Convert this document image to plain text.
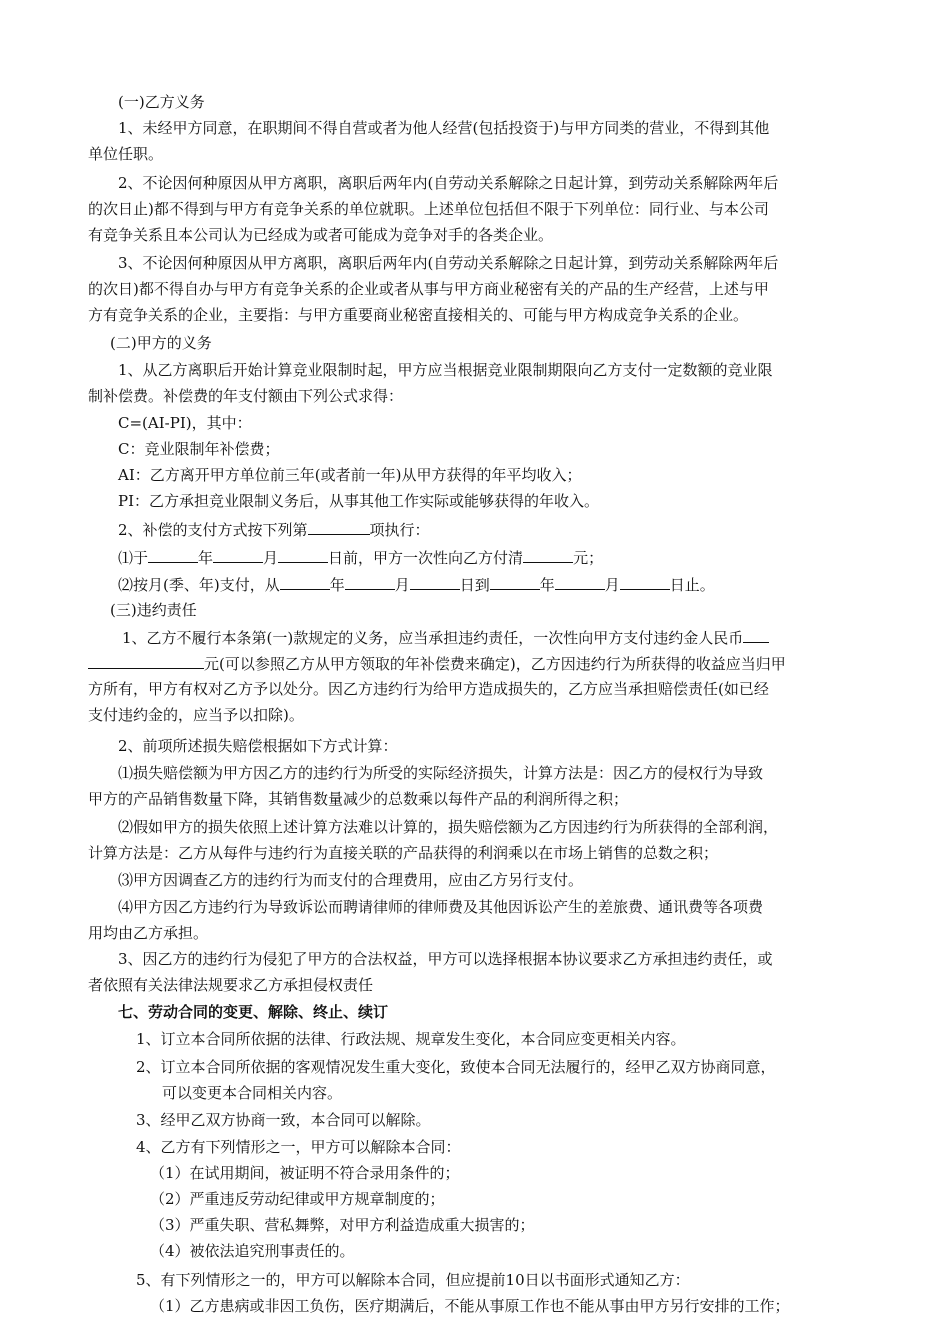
(一)乙方义务
1、未经甲方同意，在职期间不得自营或者为他人经营(包括投资于)与甲方同类的营业，不得到其他
单位任职。
2、不论因何种原因从甲方离职，离职后两年内(自劳动关系解除之日起计算，到劳动关系解除两年后
的次日止)都不得到与甲方有竞争关系的单位就职。上述单位包括但不限于下列单位：同行业、与本公司
有竞争关系且本公司认为已经成为或者可能成为竞争对手的各类企业。
3、不论因何种原因从甲方离职，离职后两年内(自劳动关系解除之日起计算，到劳动关系解除两年后
的次日)都不得自办与甲方有竞争关系的企业或者从事与甲方商业秘密有关的产品的生产经营，上述与甲
方有竞争关系的企业，主要指：与甲方重要商业秘密直接相关的、可能与甲方构成竞争关系的企业。
(二)甲方的义务
1、从乙方离职后开始计算竞业限制时起，甲方应当根据竞业限制期限向乙方支付一定数额的竞业限
制补偿费。补偿费的年支付额由下列公式求得：
C=(AI-PI)，其中：
C：竞业限制年补偿费；
AI：乙方离开甲方单位前三年(或者前一年)从甲方获得的年平均收入；
PI：乙方承担竞业限制义务后，从事其他工作实际或能够获得的年收入。
2、补偿的支付方式按下列第	项执行：
⑴于	年	月	日前，甲方一次性向乙方付清	元；
⑵按月(季、年)支付，从	年	月	日到	年	月	日止。
(三)违约责任
1、乙方不履行本条第(一)款规定的义务，应当承担违约责任，一次性向甲方支付违约金人民币
元(可以参照乙方从甲方领取的年补偿费来确定)，乙方因违约行为所获得的收益应当归甲
方所有，甲方有权对乙方予以处分。因乙方违约行为给甲方造成损失的，乙方应当承担赔偿责任(如已经
支付违约金的，应当予以扣除)。
2、前项所述损失赔偿根据如下方式计算：
⑴损失赔偿额为甲方因乙方的违约行为所受的实际经济损失，计算方法是：因乙方的侵权行为导致
甲方的产品销售数量下降，其销售数量减少的总数乘以每件产品的利润所得之积；
⑵假如甲方的损失依照上述计算方法难以计算的，损失赔偿额为乙方因违约行为所获得的全部利润，
计算方法是：乙方从每件与违约行为直接关联的产品获得的利润乘以在市场上销售的总数之积；
⑶甲方因调查乙方的违约行为而支付的合理费用，应由乙方另行支付。
⑷甲方因乙方违约行为导致诉讼而聘请律师的律师费及其他因诉讼产生的差旅费、通讯费等各项费
用均由乙方承担。
3、因乙方的违约行为侵犯了甲方的合法权益，甲方可以选择根据本协议要求乙方承担违约责任，或
者依照有关法律法规要求乙方承担侵权责任
七、劳动合同的变更、解除、终止、续订
1、订立本合同所依据的法律、行政法规、规章发生变化，本合同应变更相关内容。
2、订立本合同所依据的客观情况发生重大变化，致使本合同无法履行的，经甲乙双方协商同意，
可以变更本合同相关内容。
3、经甲乙双方协商一致，本合同可以解除。
4、乙方有下列情形之一，甲方可以解除本合同：
（1）在试用期间，被证明不符合录用条件的；
（2）严重违反劳动纪律或甲方规章制度的；
（3）严重失职、营私舞弊，对甲方利益造成重大损害的；
（4）被依法追究刑事责任的。
5、有下列情形之一的，甲方可以解除本合同，但应提前10日以书面形式通知乙方：
（1）乙方患病或非因工负伤，医疗期满后，不能从事原工作也不能从事由甲方另行安排的工作；
